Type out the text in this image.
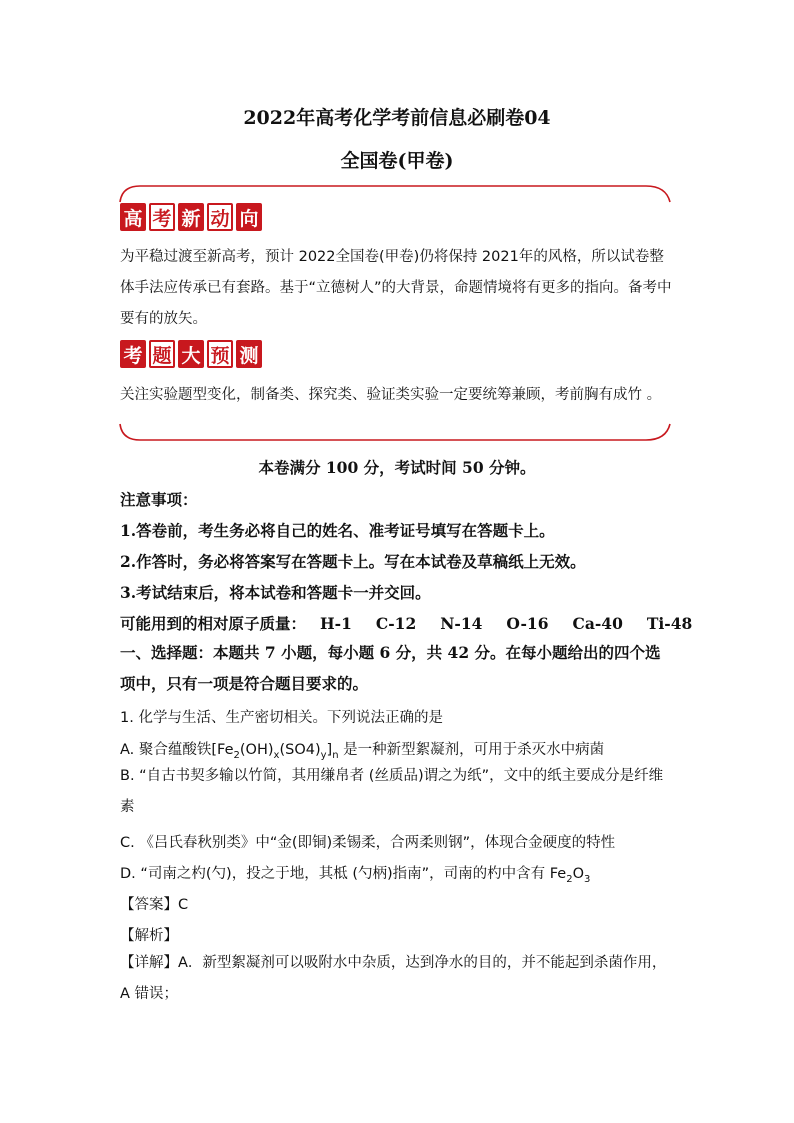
2022年高考化学考前信息必刷卷04
全国卷(甲卷)
高 考 新 动 向
为平稳过渡至新高考，预计 2022全国卷(甲卷)仍将保持 2021年的风格，所以试卷整体手法应传承已有套路。基于“立德树人”的大背景，命题情境将有更多的指向。备考中要有的放矢。
考 题 大 预 测
关注实验题型变化，制备类、探究类、验证类实验一定要统筹兼顾，考前胸有成竹 。
本卷满分 100 分，考试时间 50 分钟。
注意事项：
1.答卷前，考生务必将自己的姓名、准考证号填写在答题卡上。
2.作答时，务必将答案写在答题卡上。写在本试卷及草稿纸上无效。
3.考试结束后，将本试卷和答题卡一并交回。
可能用到的相对原子质量： H-1 C-12 N-14 O-16 Ca-40 Ti-48
一、选择题：本题共 7 小题，每小题 6 分，共 42 分。在每小题给出的四个选项中，只有一项是符合题目要求的。
1. 化学与生活、生产密切相关。下列说法正确的是
A. 聚合蕴酸铁$[Fe_2(OH)_x(SO4)_y]_n$ 是一种新型絮凝剂，可用于杀灭水中病菌
B. “自古书契多输以竹简，其用缣帛者 (丝质品)谓之为纸”，文中的纸主要成分是纤维素
C. 《吕氏春秋别类》中“金(即铜)柔锡柔，合两柔则钢”，体现合金硬度的特性
D. “司南之杓(勺)，投之于地，其柢 (勺柄)指南”，司南的杓中含有 $Fe_2O_3$
【答案】C
【解析】
【详解】A．新型絮凝剂可以吸附水中杂质，达到净水的目的，并不能起到杀菌作用，A 错误；
